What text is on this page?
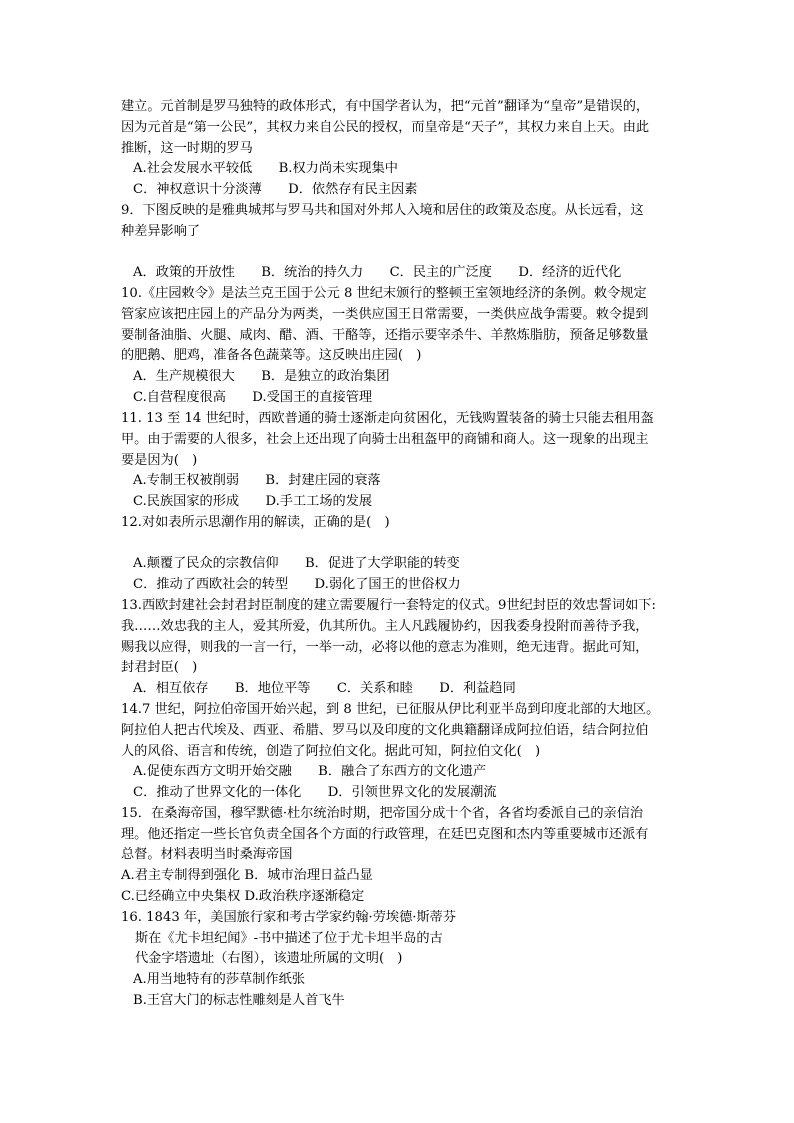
建立。元首制是罗马独特的政体形式，有中国学者认为，把“元首”翻译为“皇帝”是错误的，
因为元首是“第一公民”，其权力来自公民的授权，而皇帝是“天子”，其权力来自上天。由此
推断，这一时期的罗马
A.社会发展水平较低　　B.权力尚未实现集中
C．神权意识十分淡薄　　D．依然存有民主因素
9．下图反映的是雅典城邦与罗马共和国对外邦人入境和居住的政策及态度。从长远看，这
种差异影响了
A．政策的开放性　　B．统治的持久力　　C．民主的广泛度　　D．经济的近代化
10.《庄园敕令》是法兰克王国于公元 8 世纪末颁行的整顿王室领地经济的条例。敕令规定
管家应该把庄园上的产品分为两类，一类供应国王日常需要，一类供应战争需要。敕令提到
要制备油脂、火腿、咸肉、醋、酒、干酪等，还指示要宰杀牛、羊熬炼脂肪，预备足够数量
的肥鹅、肥鸡，准备各色蔬菜等。这反映出庄园(　)
A．生产规模很大　　B．是独立的政治集团
C.自营程度很高　　D.受国王的直接管理
11. 13 至 14 世纪时，西欧普通的骑士逐渐走向贫困化，无钱购置装备的骑士只能去租用盔
甲。由于需要的人很多，社会上还出现了向骑士出租盔甲的商铺和商人。这一现象的出现主
要是因为(　)
A.专制王权被削弱　　B．封建庄园的衰落
C.民族国家的形成　　D.手工工场的发展
12.对如表所示思潮作用的解读，正确的是(　)
A.颠覆了民众的宗教信仰　　B．促进了大学职能的转变
C．推动了西欧社会的转型　　D.弱化了国王的世俗权力
13.西欧封建社会封君封臣制度的建立需要履行一套特定的仪式。9世纪封臣的效忠誓词如下:
我……效忠我的主人，爱其所爱，仇其所仇。主人凡践履协约，因我委身投附而善待予我，
赐我以应得，则我的一言一行，一举一动，必将以他的意志为准则，绝无违背。据此可知，
封君封臣(　)
A．相互依存　　B．地位平等　　C．关系和睦　　D．利益趋同
14.7 世纪，阿拉伯帝国开始兴起，到 8 世纪，已征服从伊比利亚半岛到印度北部的大地区。
阿拉伯人把古代埃及、西亚、希腊、罗马以及印度的文化典籍翻译成阿拉伯语，结合阿拉伯
人的风俗、语言和传统，创造了阿拉伯文化。据此可知，阿拉伯文化(　)
A.促使东西方文明开始交融　　B．融合了东西方的文化遗产
C．推动了世界文化的一体化　　D．引领世界文化的发展潮流
15．在桑海帝国，穆罕默德·杜尔统治时期，把帝国分成十个省，各省均委派自己的亲信治
理。他还指定一些长官负责全国各个方面的行政管理，在廷巴克图和杰内等重要城市还派有
总督。材料表明当时桑海帝国
A.君主专制得到强化 B．城市治理日益凸显
C.已经确立中央集权 D.政治秩序逐渐稳定
16. 1843 年，美国旅行家和考古学家约翰·劳埃德·斯蒂芬
斯在《尤卡坦纪闻》-书中描述了位于尤卡坦半岛的古
代金字塔遗址（右图），该遗址所属的文明(　)
A.用当地特有的莎草制作纸张
B.王宫大门的标志性雕刻是人首飞牛
